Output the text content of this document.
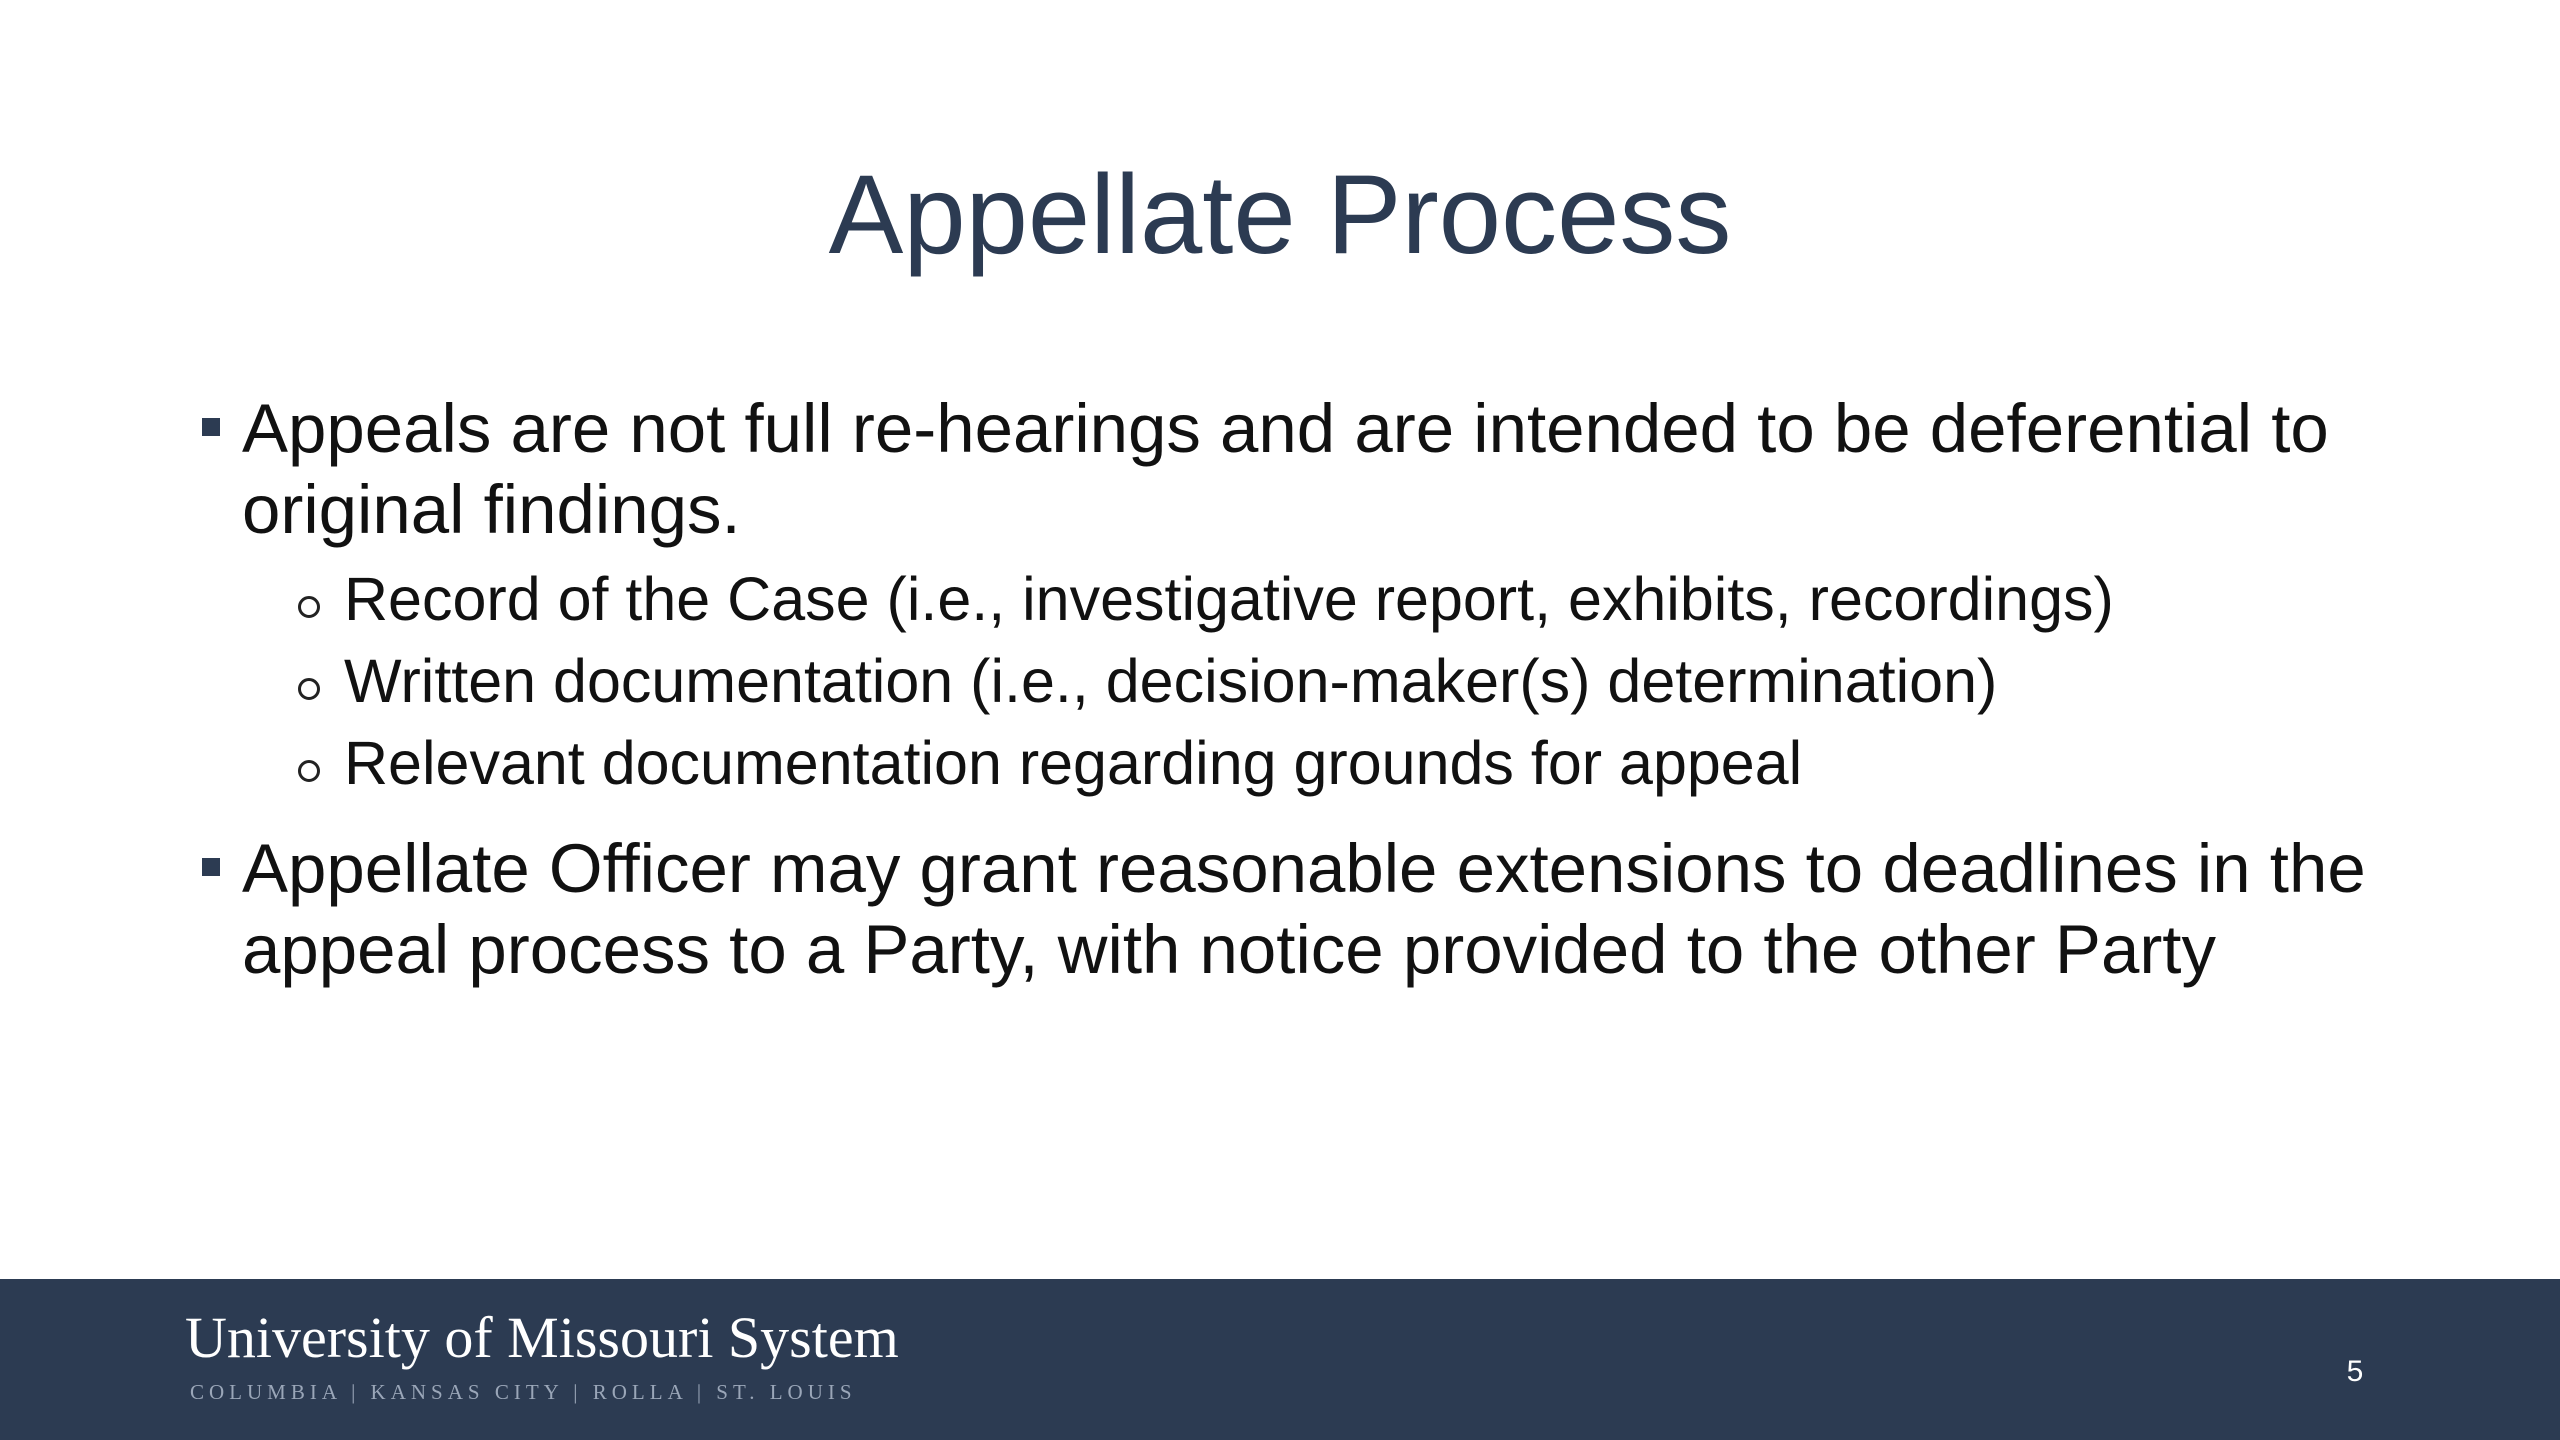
Appellate Process
Appeals are not full re-hearings and are intended to be deferential to original findings.
Record of the Case (i.e., investigative report, exhibits, recordings)
Written documentation (i.e., decision-maker(s) determination)
Relevant documentation regarding grounds for appeal
Appellate Officer may grant reasonable extensions to deadlines in the appeal process to a Party, with notice provided to the other Party
University of Missouri System
COLUMBIA | KANSAS CITY | ROLLA | ST. LOUIS
5
